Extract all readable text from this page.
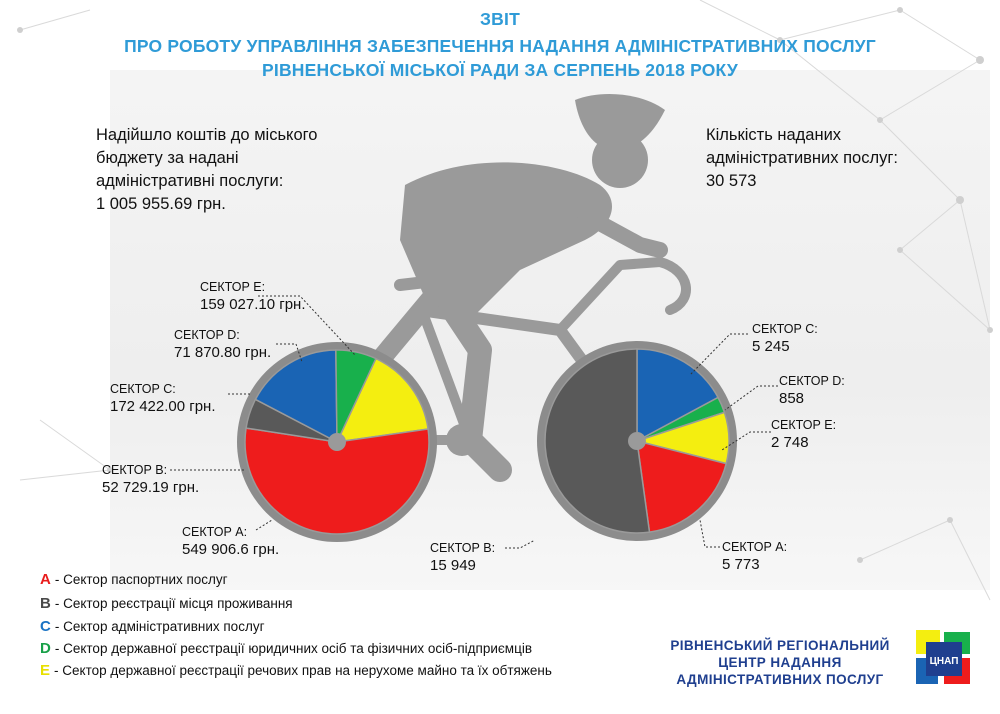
ЗВІТ
ПРО РОБОТУ УПРАВЛІННЯ ЗАБЕЗПЕЧЕННЯ НАДАННЯ АДМІНІСТРАТИВНИХ ПОСЛУГ
РІВНЕНСЬКОЇ МІСЬКОЇ РАДИ ЗА СЕРПЕНЬ 2018 РОКУ
Надійшло коштів до міського
бюджету за надані
адміністративні послуги:
1 005 955.69 грн.
Кількість наданих
адміністративних послуг:
30 573
СЕКТОР Е:
159 027.10 грн.
СЕКТОР D:
71 870.80 грн.
СЕКТОР С:
172 422.00 грн.
СЕКТОР В:
52 729.19 грн.
СЕКТОР А:
549 906.6 грн.
СЕКТОР С:
5 245
СЕКТОР D:
858
СЕКТОР Е:
2 748
СЕКТОР А:
5 773
СЕКТОР В:
15 949
A - Сектор паспортних послуг
B - Сектор реєстрації місця проживання
C - Сектор адміністративних послуг
D - Сектор державної реєстрації юридичних осіб та фізичних осіб-підприємців
E - Сектор державної реєстрації речових прав на нерухоме майно та їх обтяжень
РІВНЕНСЬКИЙ РЕГІОНАЛЬНИЙ
ЦЕНТР НАДАННЯ
АДМІНІСТРАТИВНИХ ПОСЛУГ
ЦНАП
